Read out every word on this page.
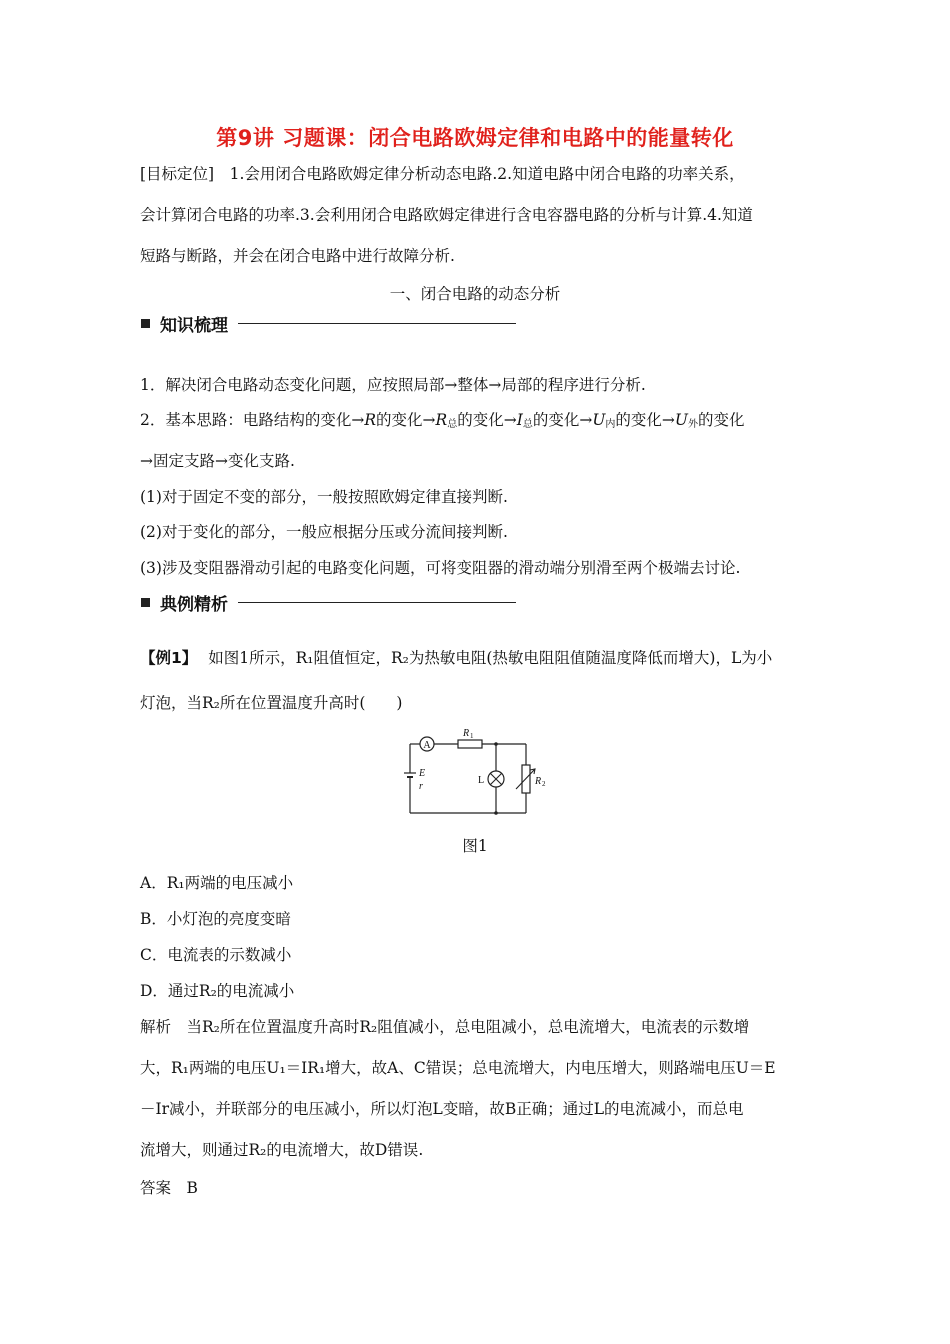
第9讲 习题课：闭合电路欧姆定律和电路中的能量转化
[目标定位]　1.会用闭合电路欧姆定律分析动态电路.2.知道电路中闭合电路的功率关系，
会计算闭合电路的功率.3.会利用闭合电路欧姆定律进行含电容器电路的分析与计算.4.知道
短路与断路，并会在闭合电路中进行故障分析.
一、闭合电路的动态分析
知识梳理
1．解决闭合电路动态变化问题，应按照局部→整体→局部的程序进行分析.
2．基本思路：电路结构的变化→R的变化$\to R_总$的变化$\to I_总$的变化$\to U_内$的变化$\to U_外$的变化
→固定支路→变化支路.
(1)对于固定不变的部分，一般按照欧姆定律直接判断.
(2)对于变化的部分，一般应根据分压或分流间接判断.
(3)涉及变阻器滑动引起的电路变化问题，可将变阻器的滑动端分别滑至两个极端去讨论.
典例精析
【例1】 如图1所示，R₁阻值恒定，R₂为热敏电阻(热敏电阻阻值随温度降低而增大)，L为小
灯泡，当R₂所在位置温度升高时(　　)
A
R 1
E
r
L	R 2
图1
A．R₁两端的电压减小
B．小灯泡的亮度变暗
C．电流表的示数减小
D．通过R₂的电流减小
解析　当R₂所在位置温度升高时R₂阻值减小，总电阻减小，总电流增大，电流表的示数增
大，R₁两端的电压U₁＝IR₁增大，故A、C错误；总电流增大，内电压增大，则路端电压U＝E
－Ir减小，并联部分的电压减小，所以灯泡L变暗，故B正确；通过L的电流减小，而总电
流增大，则通过R₂的电流增大，故D错误.
答案　B
